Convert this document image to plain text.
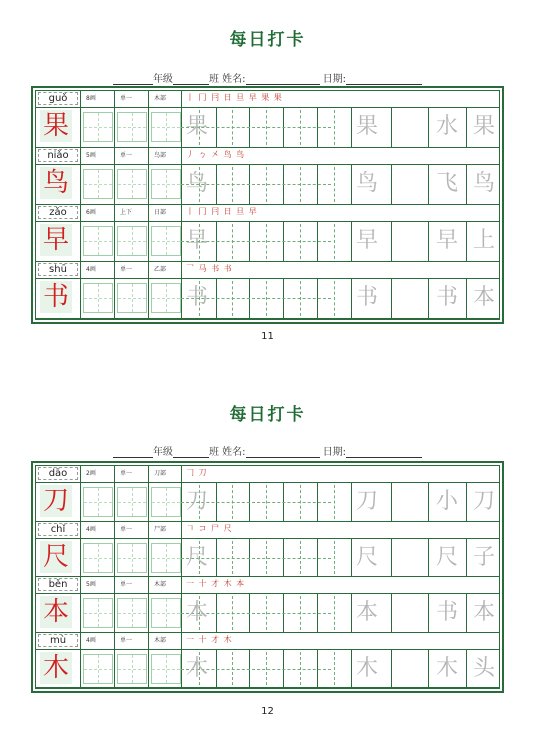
每日打卡
年级	班 姓名:	日期:
guǒ	8画	单一	木部 丨 冂 冃 日 旦 早 果 果
果	果	果	水 果
niǎo	5画	单一	鸟部 丿 ㄅ 㐅 鸟 鸟
鸟	鸟	鸟	飞 鸟
zǎo	6画	上下	日部 丨 冂 冃 日 旦 早
早	早	早	早 上
shū	4画	单一	乙部 乛 马 书 书
书	书	书	书 本
11
每日打卡
年级	班 姓名:	日期:
dāo	2画	单一	刀部 𠃌 刀
刀	刀	刀	小 刀
chǐ	4画	单一	尸部 𠃍 コ 尸 尺
尺	尺	尺	尺 子
běn	5画	单一	木部 一 十 才 木 本
本	本	本	书 本
mù	4画	单一	木部 一 十 才 木
木	木	木	木 头
12
